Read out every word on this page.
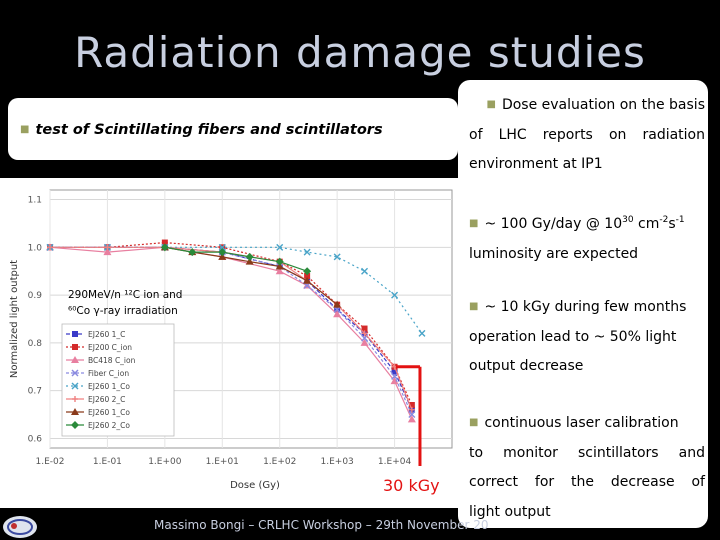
Radiation damage studies
■ test of Scintillating fibers and scintillators
0.6
0.7
0.8
0.9
1.0
1.1
1.E-02	1.E-01	1.E+00	1.E+01	1.E+02	1.E+03	1.E+04
Dose (Gy)
Normalized light output	290MeV/n ¹²C ion and
⁶⁰Co γ-ray irradiation
EJ260 1_C
EJ200 C_ion
BC418 C_ion
Fiber C_ion
EJ260 1_Co
EJ260 2_C
EJ260 1_Co
EJ260 2_Co

■ Dose evaluation on the basis

of LHC reports on radiation

environment at IP1

■ ~ 100 Gy/day @ $10^{30}$ $cm^{-2}s^{-1}$

luminosity are expected

■ ~ 10 kGy during few months

operation lead to ~ 50% light

output decrease

■ continuous laser calibration

to monitor scintillators and

correct for the decrease of

light output

30 kGy
Massimo Bongi – CRLHC Workshop – 29th November 20
